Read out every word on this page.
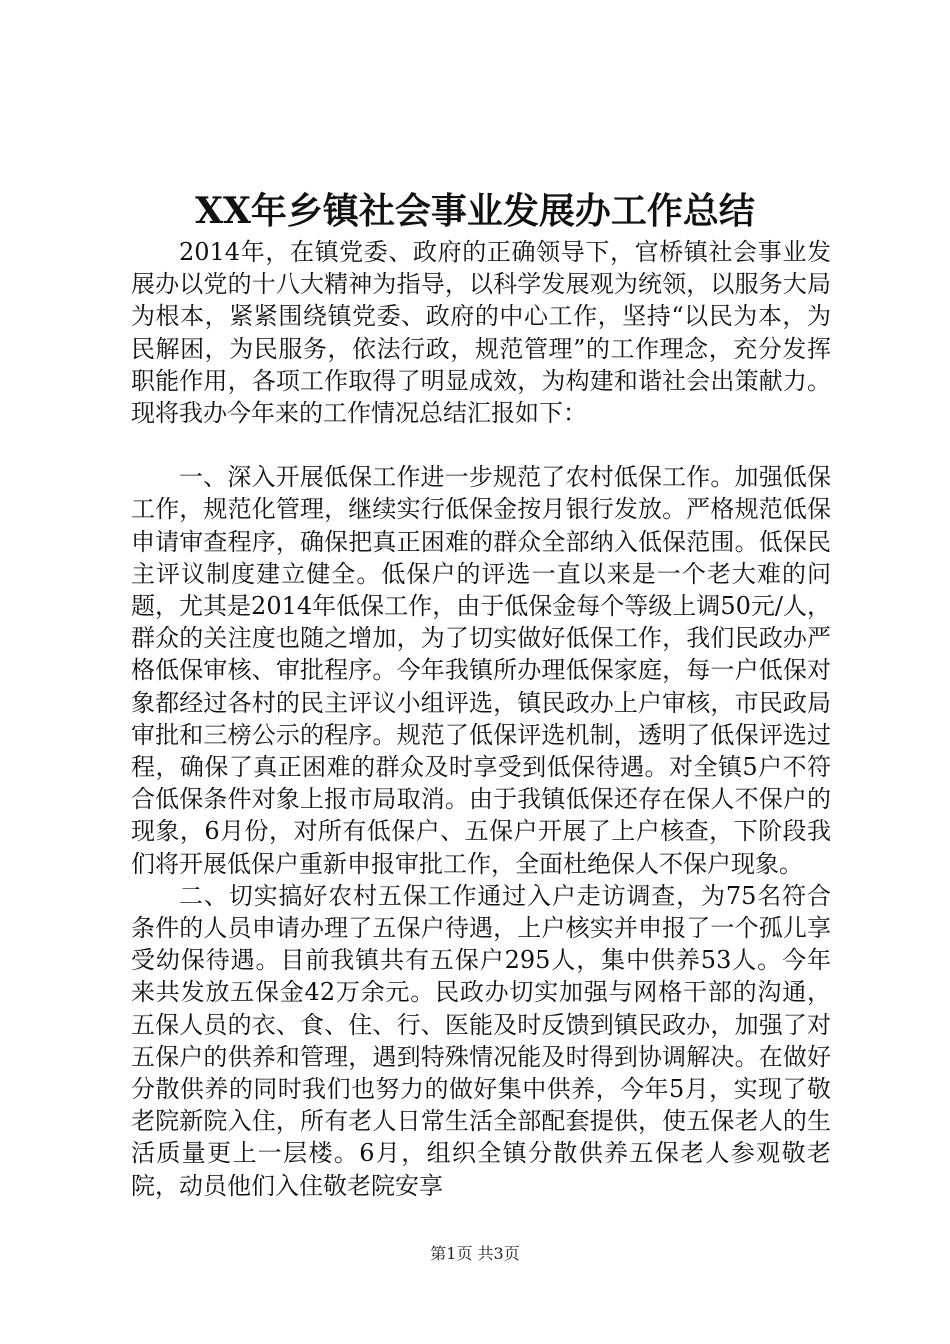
XX年乡镇社会事业发展办工作总结

2014年，在镇党委、政府的正确领导下，官桥镇社会事业发展办以党的十八大精神为指导，以科学发展观为统领，以服务大局为根本，紧紧围绕镇党委、政府的中心工作，坚持“以民为本，为民解困，为民服务，依法行政，规范管理”的工作理念，充分发挥职能作用，各项工作取得了明显成效，为构建和谐社会出策献力。现将我办今年来的工作情况总结汇报如下：

一、深入开展低保工作进一步规范了农村低保工作。加强低保工作，规范化管理，继续实行低保金按月银行发放。严格规范低保申请审查程序，确保把真正困难的群众全部纳入低保范围。低保民主评议制度建立健全。低保户的评选一直以来是一个老大难的问题，尤其是2014年低保工作，由于低保金每个等级上调50元/人，群众的关注度也随之增加，为了切实做好低保工作，我们民政办严格低保审核、审批程序。今年我镇所办理低保家庭，每一户低保对象都经过各村的民主评议小组评选，镇民政办上户审核，市民政局审批和三榜公示的程序。规范了低保评选机制，透明了低保评选过程，确保了真正困难的群众及时享受到低保待遇。对全镇5户不符合低保条件对象上报市局取消。由于我镇低保还存在保人不保户的现象，6月份，对所有低保户、五保户开展了上户核查，下阶段我们将开展低保户重新申报审批工作，全面杜绝保人不保户现象。

二、切实搞好农村五保工作通过入户走访调查，为75名符合条件的人员申请办理了五保户待遇，上户核实并申报了一个孤儿享受幼保待遇。目前我镇共有五保户295人，集中供养53人。今年来共发放五保金42万余元。民政办切实加强与网格干部的沟通，五保人员的衣、食、住、行、医能及时反馈到镇民政办，加强了对五保户的供养和管理，遇到特殊情况能及时得到协调解决。在做好分散供养的同时我们也努力的做好集中供养，今年5月，实现了敬老院新院入住，所有老人日常生活全部配套提供，使五保老人的生活质量更上一层楼。6月，组织全镇分散供养五保老人参观敬老院，动员他们入住敬老院安享

第1页 共3页
